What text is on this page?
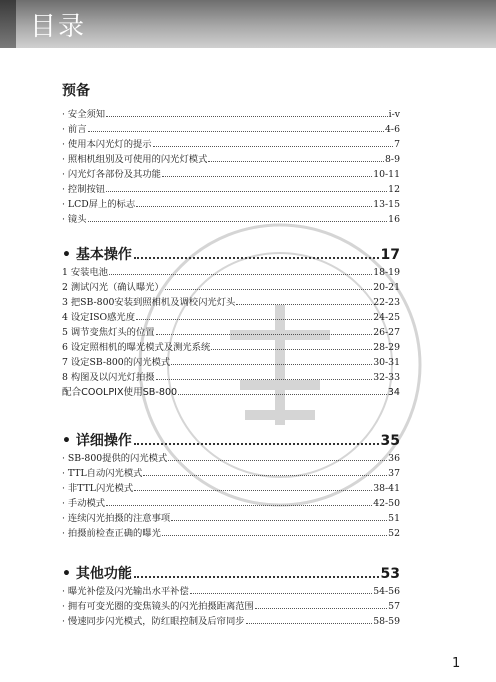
目录
预备
· 安全须知	i-v
· 前言	4-6
· 使用本闪光灯的提示	7
· 照相机组别及可使用的闪光灯模式	8-9
· 闪光灯各部份及其功能	10-11
· 控制按钮	12
· LCD屏上的标志	13-15
· 镜头	16
• 基本操作	17
1 安装电池	18-19
2 测试闪光（确认曝光）	20-21
3 把SB-800安装到照相机及调校闪光灯头	22-23
4 设定ISO感光度	24-25
5 调节变焦灯头的位置	26-27
6 设定照相机的曝光模式及测光系统	28-29
7 设定SB-800的闪光模式	30-31
8 构图及以闪光灯拍摄	32-33
配合COOLPIX使用SB-800	34
• 详细操作	35
· SB-800提供的闪光模式	36
· TTL自动闪光模式	37
· 非TTL闪光模式	38-41
· 手动模式	42-50
· 连续闪光拍摄的注意事项	51
· 拍摄前检查正确的曝光	52
• 其他功能	53
· 曝光补偿及闪光输出水平补偿	54-56
· 拥有可变光圈的变焦镜头的闪光拍摄距离范围	57
· 慢速同步闪光模式，防红眼控制及后帘同步	58-59
1
